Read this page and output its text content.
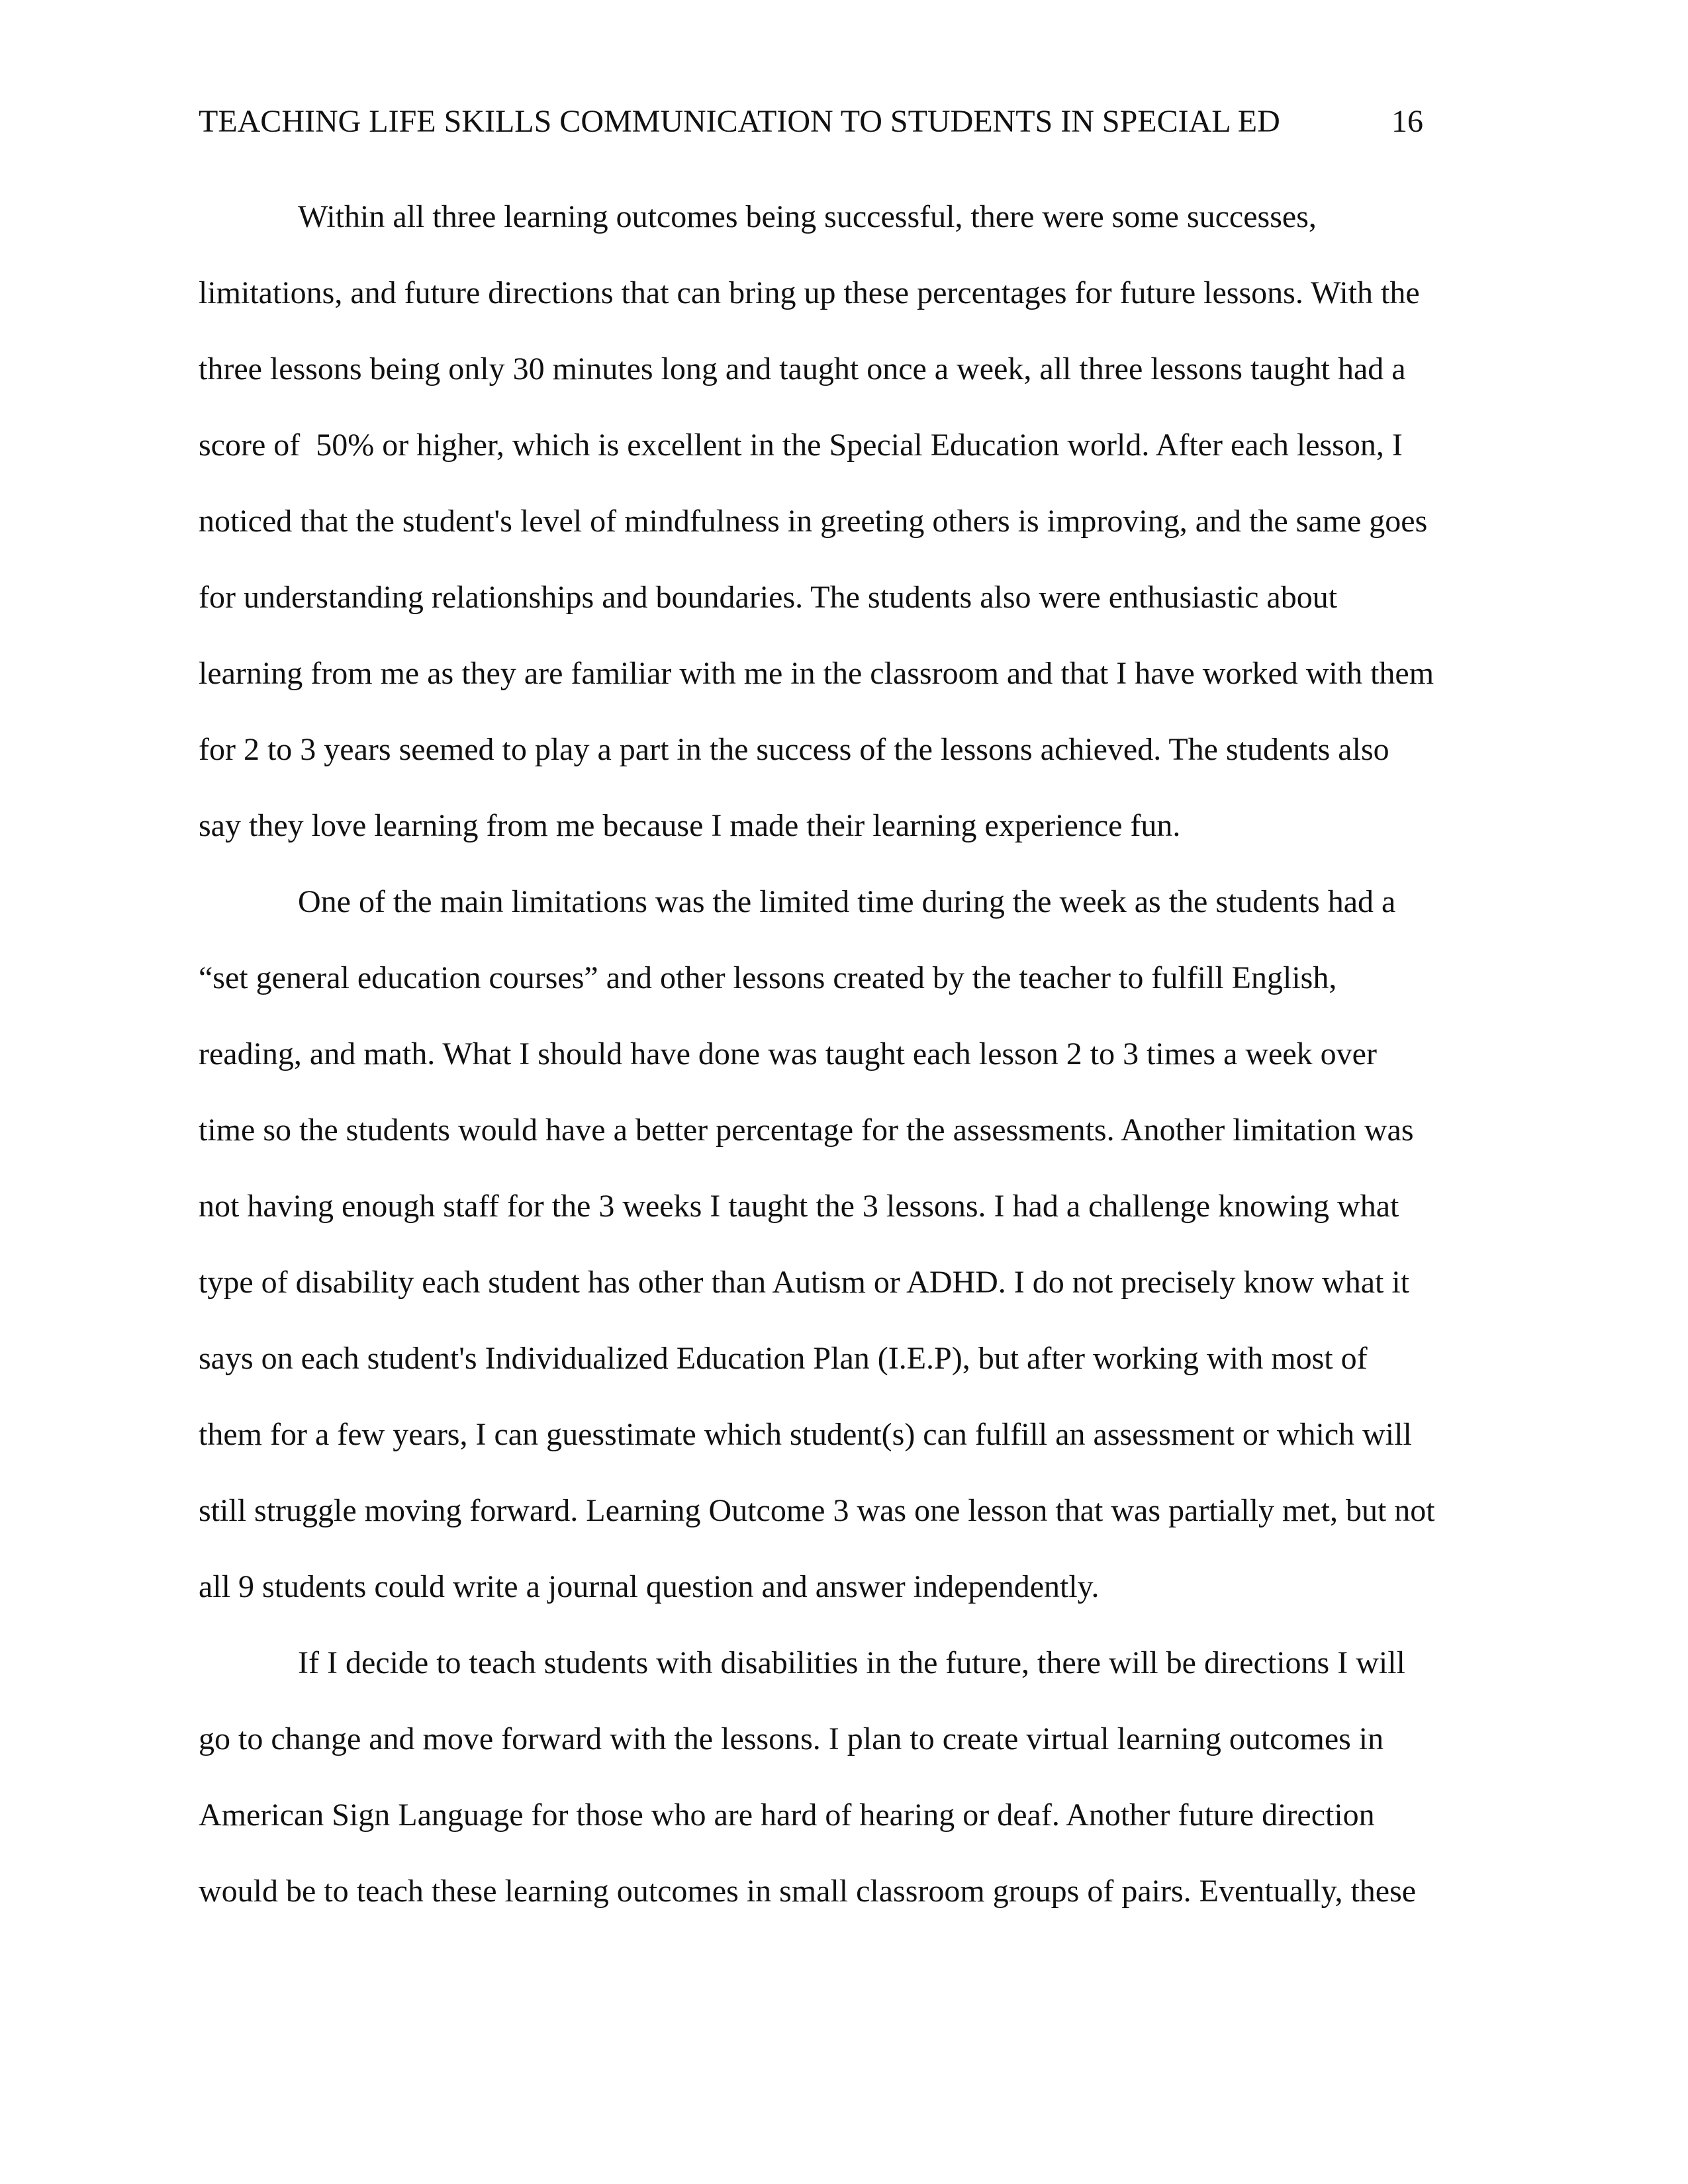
TEACHING LIFE SKILLS COMMUNICATION TO STUDENTS IN SPECIAL ED	16
Within all three learning outcomes being successful, there were some successes,
limitations, and future directions that can bring up these percentages for future lessons. With the
three lessons being only 30 minutes long and taught once a week, all three lessons taught had a
score of  50% or higher, which is excellent in the Special Education world. After each lesson, I
noticed that the student's level of mindfulness in greeting others is improving, and the same goes
for understanding relationships and boundaries. The students also were enthusiastic about
learning from me as they are familiar with me in the classroom and that I have worked with them
for 2 to 3 years seemed to play a part in the success of the lessons achieved. The students also
say they love learning from me because I made their learning experience fun.
One of the main limitations was the limited time during the week as the students had a
“set general education courses” and other lessons created by the teacher to fulfill English,
reading, and math. What I should have done was taught each lesson 2 to 3 times a week over
time so the students would have a better percentage for the assessments. Another limitation was
not having enough staff for the 3 weeks I taught the 3 lessons. I had a challenge knowing what
type of disability each student has other than Autism or ADHD. I do not precisely know what it
says on each student's Individualized Education Plan (I.E.P), but after working with most of
them for a few years, I can guesstimate which student(s) can fulfill an assessment or which will
still struggle moving forward. Learning Outcome 3 was one lesson that was partially met, but not
all 9 students could write a journal question and answer independently.
If I decide to teach students with disabilities in the future, there will be directions I will
go to change and move forward with the lessons. I plan to create virtual learning outcomes in
American Sign Language for those who are hard of hearing or deaf. Another future direction
would be to teach these learning outcomes in small classroom groups of pairs. Eventually, these
